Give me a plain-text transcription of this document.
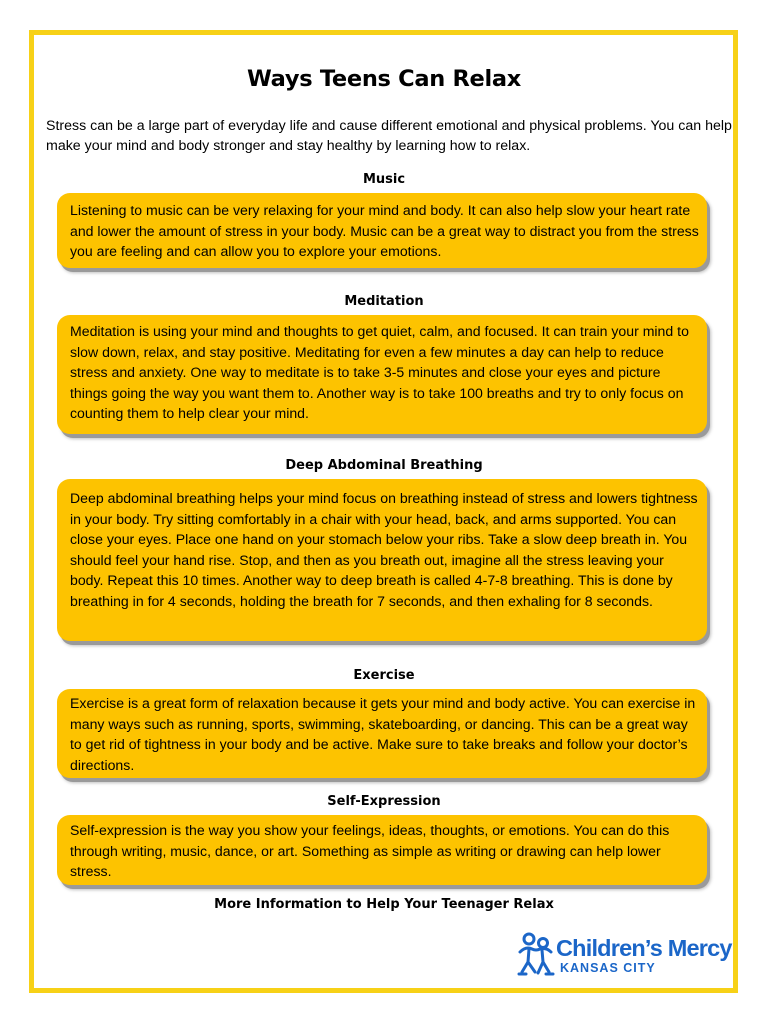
Ways Teens Can Relax
Stress can be a large part of everyday life and cause different emotional and physical problems. You can help make your mind and body stronger and stay healthy by learning how to relax.
Music
Listening to music can be very relaxing for your mind and body. It can also help slow your heart rate and lower the amount of stress in your body. Music can be a great way to distract you from the stress you are feeling and can allow you to explore your emotions.
Meditation
Meditation is using your mind and thoughts to get quiet, calm, and focused. It can train your mind to slow down, relax, and stay positive. Meditating for even a few minutes a day can help to reduce stress and anxiety. One way to meditate is to take 3-5 minutes and close your eyes and picture things going the way you want them to. Another way is to take 100 breaths and try to only focus on counting them to help clear your mind.
Deep Abdominal Breathing
Deep abdominal breathing helps your mind focus on breathing instead of stress and lowers tightness in your body. Try sitting comfortably in a chair with your head, back, and arms supported. You can close your eyes. Place one hand on your stomach below your ribs. Take a slow deep breath in. You should feel your hand rise. Stop, and then as you breath out, imagine all the stress leaving your body. Repeat this 10 times. Another way to deep breath is called 4-7-8 breathing. This is done by breathing in for 4 seconds, holding the breath for 7 seconds, and then exhaling for 8 seconds.
Exercise
Exercise is a great form of relaxation because it gets your mind and body active. You can exercise in many ways such as running, sports, swimming, skateboarding, or dancing. This can be a great way to get rid of tightness in your body and be active. Make sure to take breaks and follow your doctor’s directions.
Self-Expression
Self-expression is the way you show your feelings, ideas, thoughts, or emotions. You can do this through writing, music, dance, or art. Something as simple as writing or drawing can help lower stress.
More Information to Help Your Teenager Relax
Children’s Mercy
KANSAS CITY
